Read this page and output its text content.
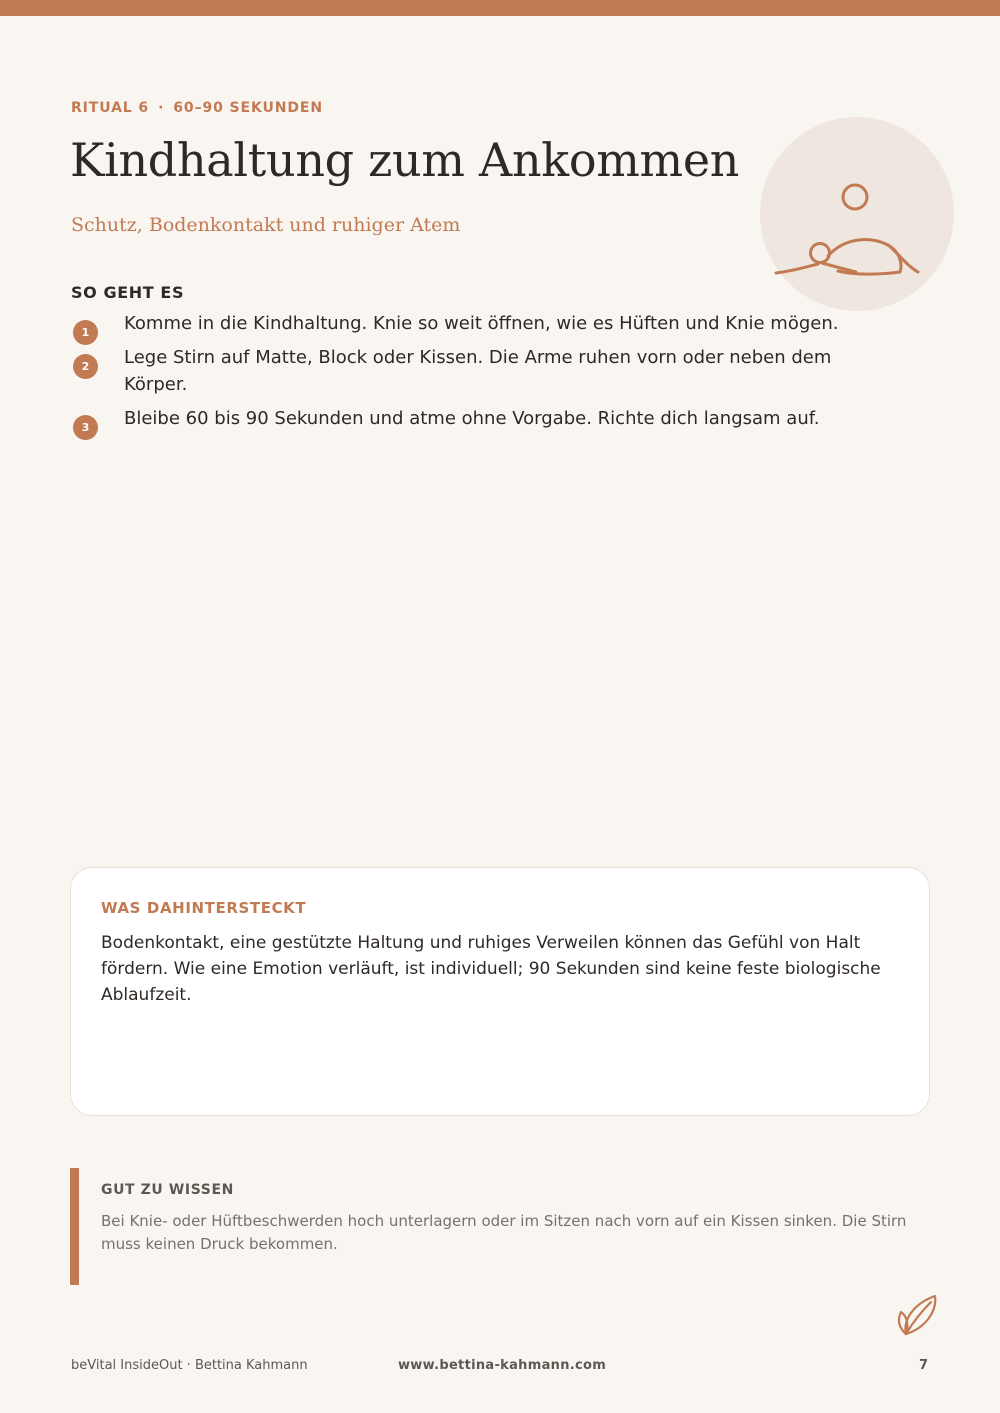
RITUAL 6 · 60–90 SEKUNDEN
Kindhaltung zum Ankommen
Schutz, Bodenkontakt und ruhiger Atem
SO GEHT ES
1	Komme in die Kindhaltung. Knie so weit öffnen, wie es Hüften und Knie mögen.
2	Lege Stirn auf Matte, Block oder Kissen. Die Arme ruhen vorn oder neben dem Körper.
3	Bleibe 60 bis 90 Sekunden und atme ohne Vorgabe. Richte dich langsam auf.
WAS DAHINTERSTECKT
Bodenkontakt, eine gestützte Haltung und ruhiges Verweilen können das Gefühl von Halt fördern. Wie eine Emotion verläuft, ist individuell; 90 Sekunden sind keine feste biologische Ablaufzeit.
GUT ZU WISSEN
Bei Knie- oder Hüftbeschwerden hoch unterlagern oder im Sitzen nach vorn auf ein Kissen sinken. Die Stirn muss keinen Druck bekommen.
beVital InsideOut · Bettina Kahmann	www.bettina-kahmann.com	7
